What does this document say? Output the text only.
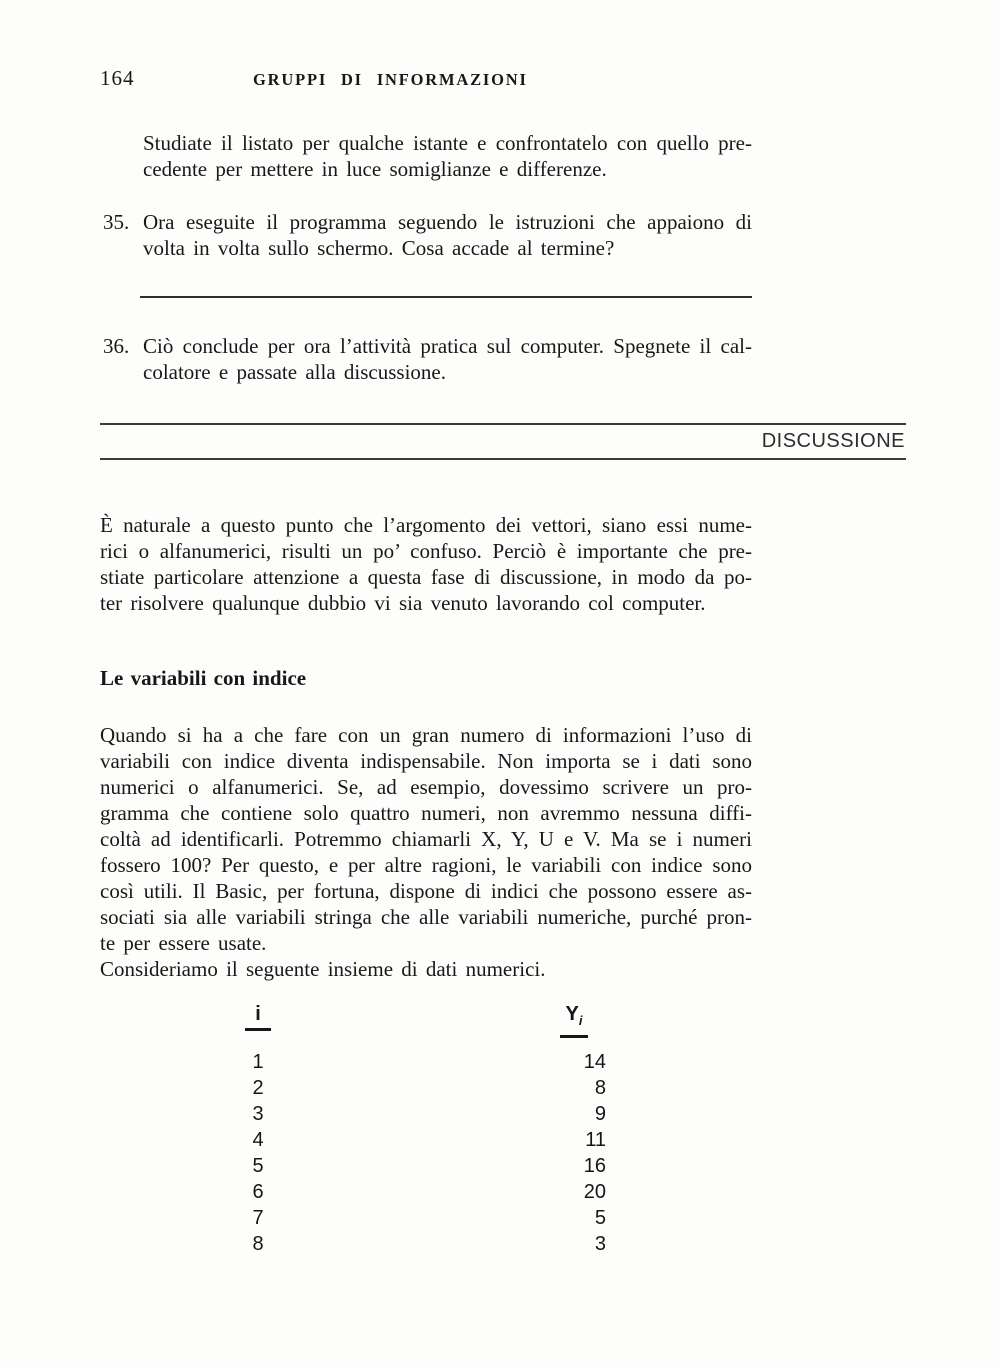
164	GRUPPI DI INFORMAZIONI
Studiate il listato per qualche istante e confrontatelo con quello pre-
cedente per mettere in luce somiglianze e differenze.
35. Ora eseguite il programma seguendo le istruzioni che appaiono di
volta in volta sullo schermo. Cosa accade al termine?
36. Ciò conclude per ora l’attività pratica sul computer. Spegnete il cal-
colatore e passate alla discussione.
DISCUSSIONE
È naturale a questo punto che l’argomento dei vettori, siano essi nume-
rici o alfanumerici, risulti un po’ confuso. Perciò è importante che pre-
stiate particolare attenzione a questa fase di discussione, in modo da po-
ter risolvere qualunque dubbio vi sia venuto lavorando col computer.
Le variabili con indice
Quando si ha a che fare con un gran numero di informazioni l’uso di
variabili con indice diventa indispensabile. Non importa se i dati sono
numerici o alfanumerici. Se, ad esempio, dovessimo scrivere un pro-
gramma che contiene solo quattro numeri, non avremmo nessuna diffi-
coltà ad identificarli. Potremmo chiamarli X, Y, U e V. Ma se i numeri
fossero 100? Per questo, e per altre ragioni, le variabili con indice sono
così utili. Il Basic, per fortuna, dispone di indici che possono essere as-
sociati sia alle variabili stringa che alle variabili numeriche, purché pron-
te per essere usate.
Consideriamo il seguente insieme di dati numerici.
i	$Y_i$
1	14
2	8
3	9
4	11
5	16
6	20
7	5
8	3
